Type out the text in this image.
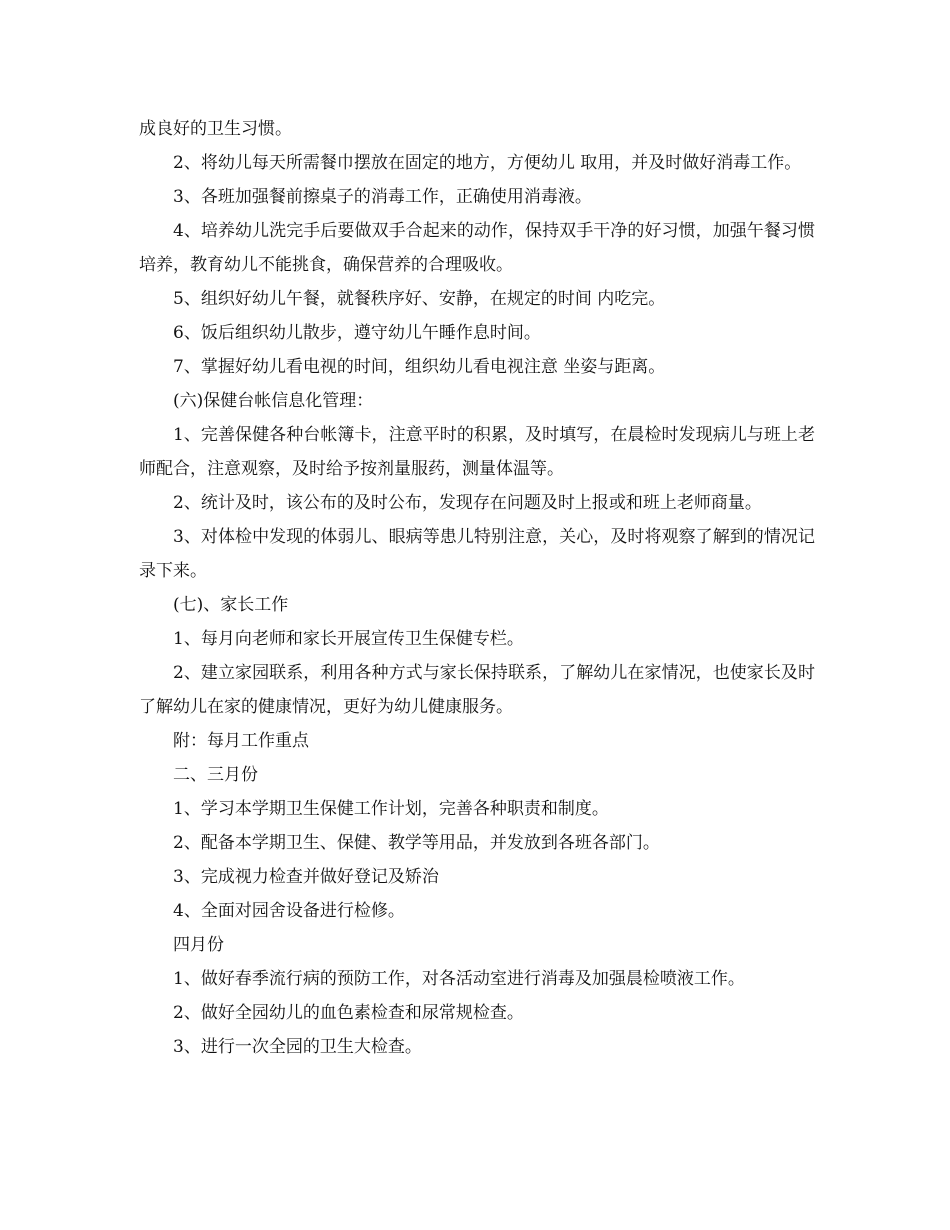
成良好的卫生习惯。

2、将幼儿每天所需餐巾摆放在固定的地方，方便幼儿 取用，并及时做好消毒工作。

3、各班加强餐前擦桌子的消毒工作，正确使用消毒液。

4、培养幼儿洗完手后要做双手合起来的动作，保持双手干净的好习惯，加强午餐习惯培养，教育幼儿不能挑食，确保营养的合理吸收。

5、组织好幼儿午餐，就餐秩序好、安静，在规定的时间 内吃完。

6、饭后组织幼儿散步，遵守幼儿午睡作息时间。

7、掌握好幼儿看电视的时间，组织幼儿看电视注意 坐姿与距离。

(六)保健台帐信息化管理：

1、完善保健各种台帐簿卡，注意平时的积累，及时填写，在晨检时发现病儿与班上老师配合，注意观察，及时给予按剂量服药，测量体温等。

2、统计及时，该公布的及时公布，发现存在问题及时上报或和班上老师商量。

3、对体检中发现的体弱儿、眼病等患儿特别注意，关心，及时将观察了解到的情况记录下来。

(七)、家长工作

1、每月向老师和家长开展宣传卫生保健专栏。

2、建立家园联系，利用各种方式与家长保持联系，了解幼儿在家情况，也使家长及时了解幼儿在家的健康情况，更好为幼儿健康服务。

附：每月工作重点

二、三月份

1、学习本学期卫生保健工作计划，完善各种职责和制度。

2、配备本学期卫生、保健、教学等用品，并发放到各班各部门。

3、完成视力检查并做好登记及矫治

4、全面对园舍设备进行检修。

四月份

1、做好春季流行病的预防工作，对各活动室进行消毒及加强晨检喷液工作。

2、做好全园幼儿的血色素检查和尿常规检查。

3、进行一次全园的卫生大检查。
